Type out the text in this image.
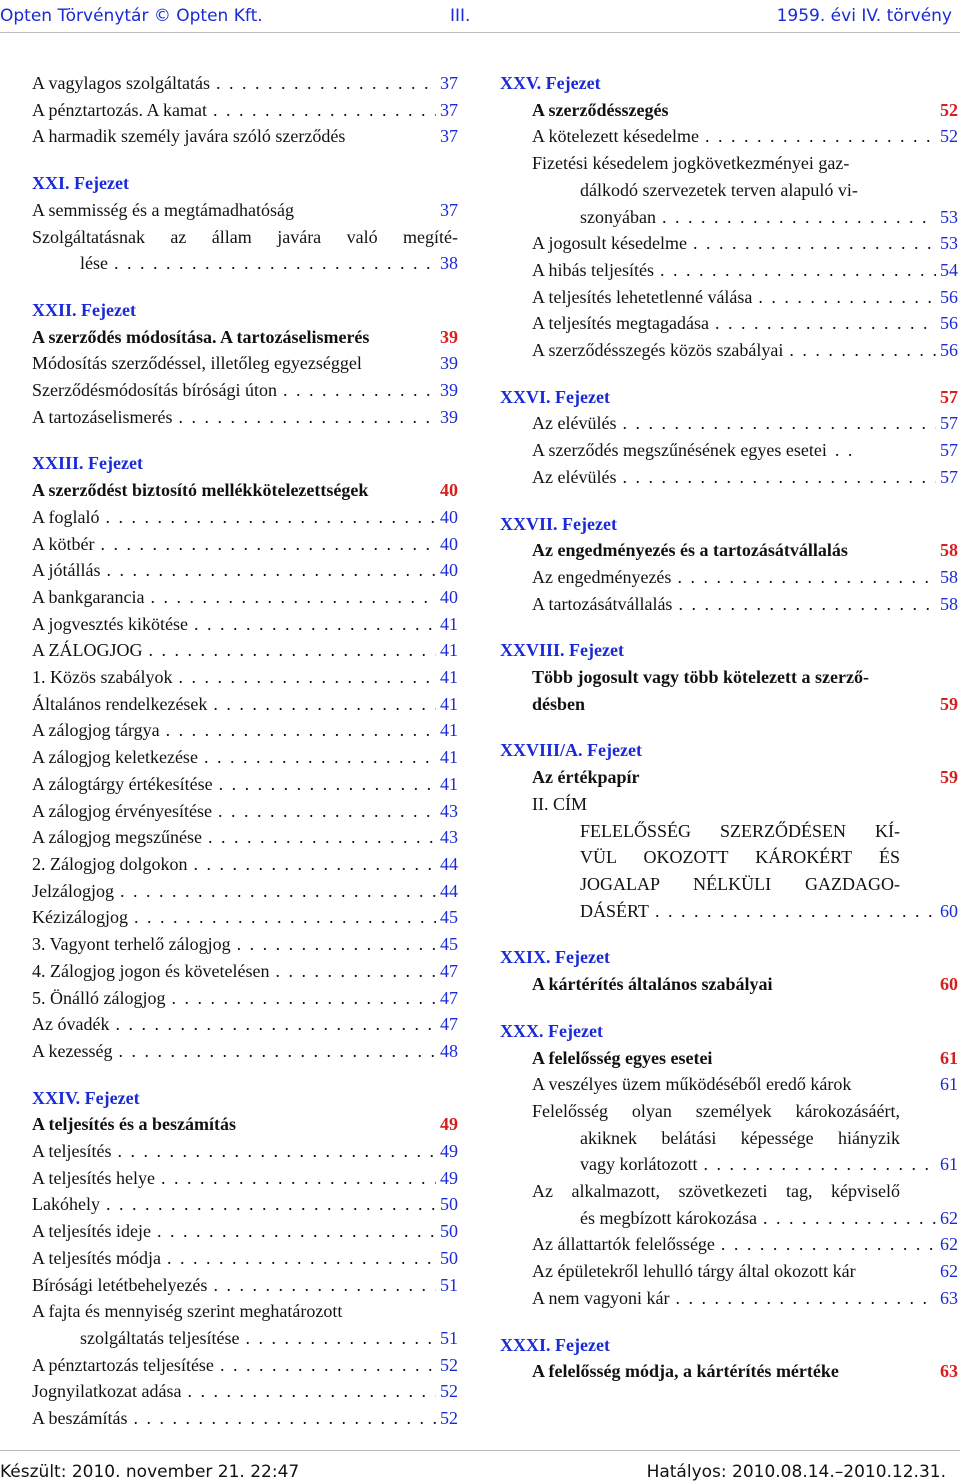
Opten Törvénytár © Opten Kft.	III.	1959. évi IV. törvény
A vagylagos szolgáltatás . . .	37
A pénztartozás. A kamat . . .	37
A harmadik személy javára szóló szerződés	37
XXI. Fejezet
A semmisség és a megtámadhatóság	37
Szolgáltatásnak az állam javára való megíté-
lése . . .	38
XXII. Fejezet
A szerződés módosítása. A tartozáselismerés	39
Módosítás szerződéssel, illetőleg egyezséggel	39
Szerződésmódosítás bírósági úton . . .	39
A tartozáselismerés . . .	39
XXIII. Fejezet
A szerződést biztosító mellékkötelezettségek	40
A foglaló . . .	40
A kötbér . . .	40
A jótállás . . .	40
A bankgarancia . . .	40
A jogvesztés kikötése . . .	41
A ZÁLOGJOG . . .	41
1. Közös szabályok . . .	41
Általános rendelkezések . . .	41
A zálogjog tárgya . . .	41
A zálogjog keletkezése . . .	41
A zálogtárgy értékesítése . . .	41
A zálogjog érvényesítése . . .	43
A zálogjog megszűnése . . .	43
2. Zálogjog dolgokon . . .	44
Jelzálogjog . . .	44
Kézizálogjog . . .	45
3. Vagyont terhelő zálogjog . . .	45
4. Zálogjog jogon és követelésen . . .	47
5. Önálló zálogjog . . .	47
Az óvadék . . .	47
A kezesség . . .	48
XXIV. Fejezet
A teljesítés és a beszámítás	49
A teljesítés . . .	49
A teljesítés helye . . .	49
Lakóhely . . .	50
A teljesítés ideje . . .	50
A teljesítés módja . . .	50
Bírósági letétbehelyezés . . .	51
A fajta és mennyiség szerint meghatározott
szolgáltatás teljesítése . . .	51
A pénztartozás teljesítése . . .	52
Jognyilatkozat adása . . .	52
A beszámítás . . .	52
XXV. Fejezet
A szerződésszegés	52
A kötelezett késedelme . . .	52
Fizetési késedelem jogkövetkezményei gaz-
dálkodó szervezetek terven alapuló vi-
szonyában . . .	53
A jogosult késedelme . . .	53
A hibás teljesítés . . .	54
A teljesítés lehetetlenné válása . . .	56
A teljesítés megtagadása . . .	56
A szerződésszegés közös szabályai . . .	56
XXVI. Fejezet	57
Az elévülés . . .	57
A szerződés megszűnésének egyes esetei . .	57
Az elévülés . . .	57
XXVII. Fejezet
Az engedményezés és a tartozásátvállalás	58
Az engedményezés . . .	58
A tartozásátvállalás . . .	58
XXVIII. Fejezet
Több jogosult vagy több kötelezett a szerző-
désben	59
XXVIII/A. Fejezet
Az értékpapír	59
II. CÍM
FELELŐSSÉG SZERZŐDÉSEN KÍ-
VÜL OKOZOTT KÁROKÉRT ÉS
JOGALAP NÉLKÜLI GAZDAGO-
DÁSÉRT . . .	60
XXIX. Fejezet
A kártérítés általános szabályai	60
XXX. Fejezet
A felelősség egyes esetei	61
A veszélyes üzem működéséből eredő károk	61
Felelősség olyan személyek károkozásáért,
akiknek belátási képessége hiányzik
vagy korlátozott . . .	61
Az alkalmazott, szövetkezeti tag, képviselő
és megbízott károkozása . . .	62
Az állattartók felelőssége . . .	62
Az épületekről lehulló tárgy által okozott kár	62
A nem vagyoni kár . . .	63
XXXI. Fejezet
A felelősség módja, a kártérítés mértéke	63
Készült: 2010. november 21. 22:47	Hatályos: 2010.08.14.–2010.12.31.
